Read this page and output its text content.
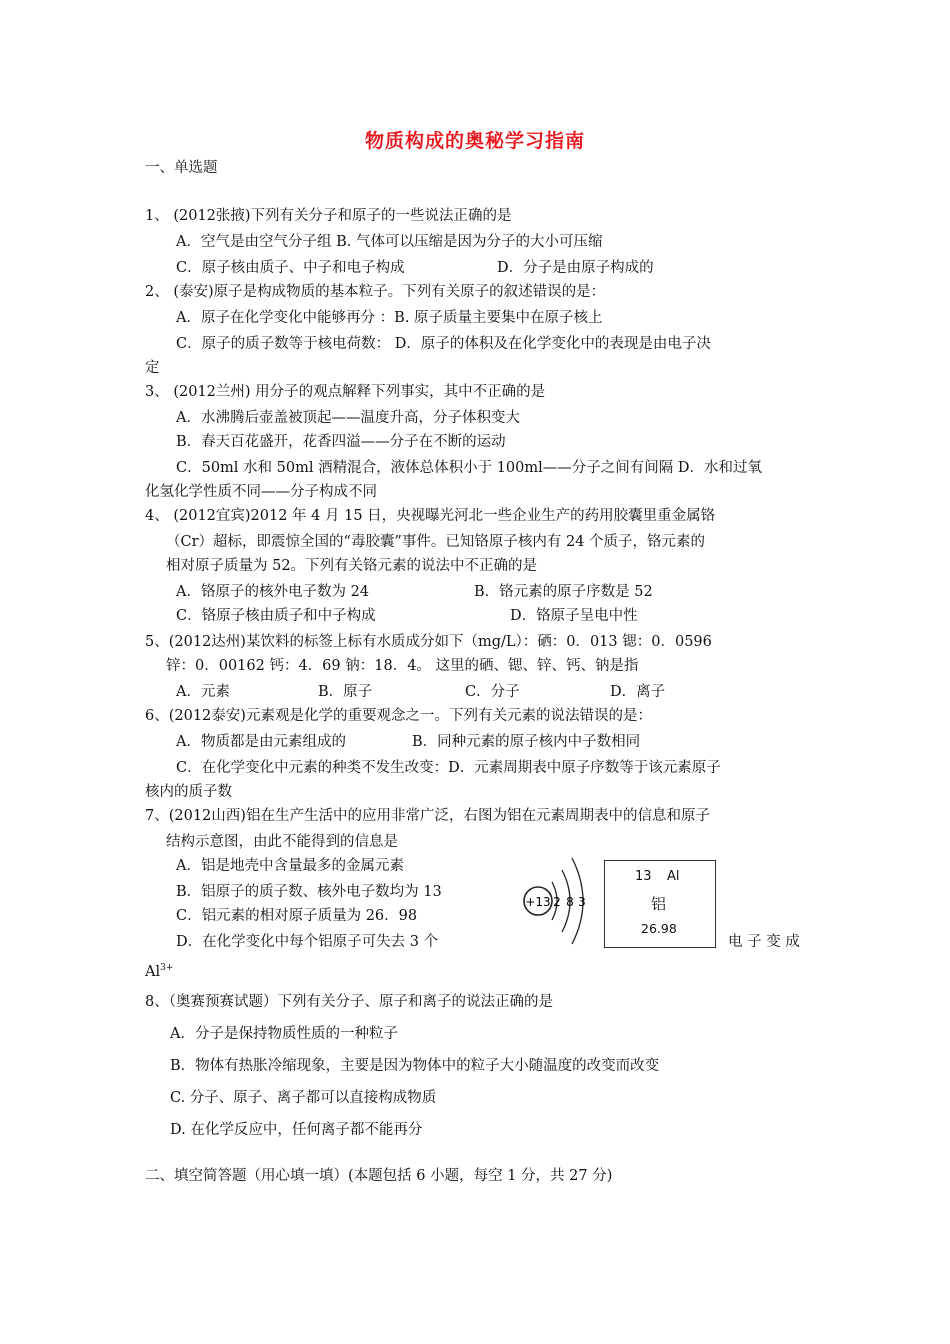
物质构成的奥秘学习指南
一、单选题
1、 (2012张掖)下列有关分子和原子的一些说法正确的是
A．空气是由空气分子组 B. 气体可以压缩是因为分子的大小可压缩
C．原子核由质子、中子和电子构成	D．分子是由原子构成的
2、 (泰安)原子是构成物质的基本粒子。下列有关原子的叙述错误的是：
A．原子在化学变化中能够再分 ：B. 原子质量主要集中在原子核上
C．原子的质子数等于核电荷数： D．原子的体积及在化学变化中的表现是由电子决
定
3、 (2012兰州) 用分子的观点解释下列事实，其中不正确的是
A．水沸腾后壶盖被顶起——温度升高，分子体积变大
B．春天百花盛开，花香四溢——分子在不断的运动
C．50ml 水和 50ml 酒精混合，液体总体积小于 100ml——分子之间有间隔 D．水和过氧
化氢化学性质不同——分子构成不同
4、 (2012宜宾)2012 年 4 月 15 日，央视曝光河北一些企业生产的药用胶囊里重金属铬
（Cr）超标，即震惊全国的“毒胶囊”事件。已知铬原子核内有 24 个质子，铬元素的
相对原子质量为 52。下列有关铬元素的说法中不正确的是
A．铬原子的核外电子数为 24	B．铬元素的原子序数是 52
C．铬原子核由质子和中子构成	D．铬原子呈电中性
5、(2012达州)某饮料的标签上标有水质成分如下（mg/L）：硒：0．013 锶：0．0596
锌：0．00162 钙：4．69 钠：18．4。 这里的硒、锶、锌、钙、钠是指
A．元素	B．原子	C．分子	D．离子
6、(2012泰安)元素观是化学的重要观念之一。下列有关元素的说法错误的是：
A．物质都是由元素组成的	B．同种元素的原子核内中子数相同
C．在化学变化中元素的种类不发生改变：D．元素周期表中原子序数等于该元素原子
核内的质子数
7、(2012山西)铝在生产生活中的应用非常广泛，右图为铝在元素周期表中的信息和原子
结构示意图，由此不能得到的信息是
A．铝是地壳中含量最多的金属元素
B．铝原子的质子数、核外电子数均为 13
C．铝元素的相对原子质量为 26．98
D．在化学变化中每个铝原子可失去 3 个	电 子 变 成
8、（奥赛预赛试题）下列有关分子、原子和离子的说法正确的是
A．分子是保持物质性质的一种粒子
B．物体有热胀冷缩现象，主要是因为物体中的粒子大小随温度的改变而改变
C. 分子、原子、离子都可以直接构成物质
D. 在化学反应中，任何离子都不能再分
二、填空简答题（用心填一填）(本题包括 6 小题，每空 1 分，共 27 分)
$Al^{3+}$
+13 2 8 3
13 Al
铝
26.98
